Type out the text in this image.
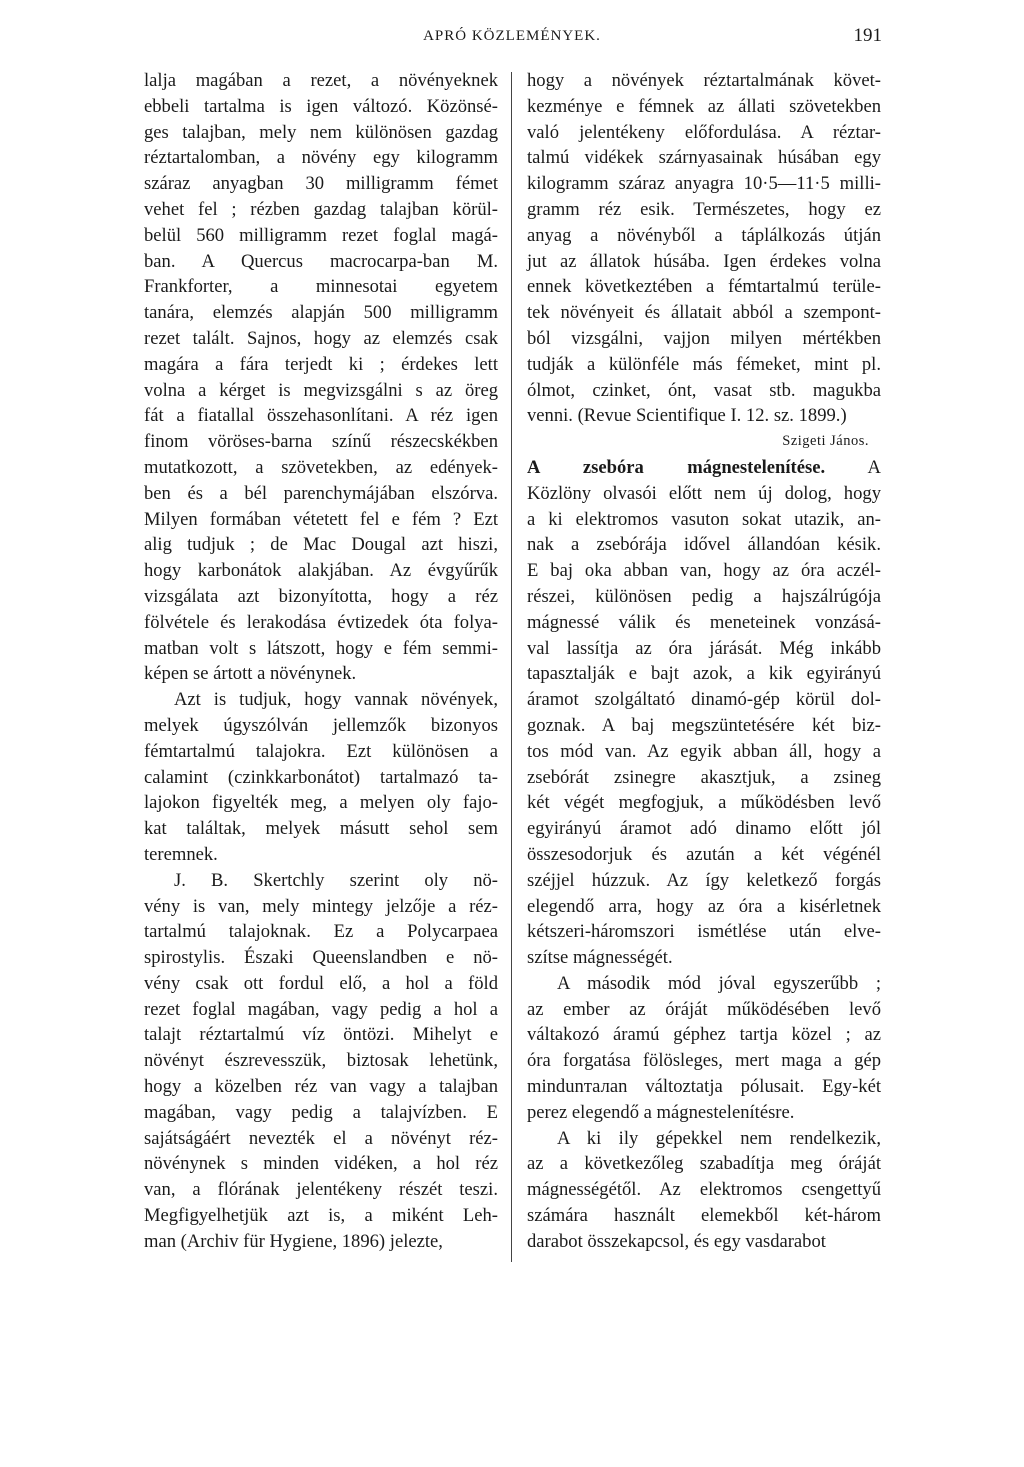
APRÓ KÖZLEMÉNYEK.	191
lalja magában a rezet, a növényeknek
ebbeli tartalma is igen változó. Közönsé-
ges talajban, mely nem különösen gazdag
réztartalomban, a növény egy kilogramm
száraz anyagban 30 milligramm fémet
vehet fel ; rézben gazdag talajban körül-
belül 560 milligramm rezet foglal magá-
ban. A Quercus macrocarpa-ban M.
Frankforter, a minnesotai egyetem
tanára, elemzés alapján 500 milligramm
rezet talált. Sajnos, hogy az elemzés csak
magára a fára terjedt ki ; érdekes lett
volna a kérget is megvizsgálni s az öreg
fát a fiatallal összehasonlítani. A réz igen
finom vöröses-barna színű részecskékben
mutatkozott, a szövetekben, az edények-
ben és a bél parenchymájában elszórva.
Milyen formában vétetett fel e fém ? Ezt
alig tudjuk ; de Mac Dougal azt hiszi,
hogy karbonátok alakjában. Az évgyűrűk
vizsgálata azt bizonyította, hogy a réz
fölvétele és lerakodása évtizedek óta folya-
matban volt s látszott, hogy e fém semmi-
képen se ártott a növénynek.
Azt is tudjuk, hogy vannak növények,
melyek úgyszólván jellemzők bizonyos
fémtartalmú talajokra. Ezt különösen a
calamint (czinkkarbonátot) tartalmazó ta-
lajokon figyelték meg, a melyen oly fajo-
kat találtak, melyek másutt sehol sem
teremnek.
J. B. Skertchly szerint oly nö-
vény is van, mely mintegy jelzője a réz-
tartalmú talajoknak. Ez a Polycarpaea
spirostylis. Északi Queenslandben e nö-
vény csak ott fordul elő, a hol a föld
rezet foglal magában, vagy pedig a hol a
talajt réztartalmú víz öntözi. Mihelyt e
növényt észrevesszük, biztosak lehetünk,
hogy a közelben réz van vagy a talajban
magában, vagy pedig a talajvízben. E
sajátságáért nevezték el a növényt réz-
növénynek s minden vidéken, a hol réz
van, a flórának jelentékeny részét teszi.
Megfigyelhetjük azt is, a miként Leh-
man (Archiv für Hygiene, 1896) jelezte,
hogy a növények réztartalmának követ-
kezménye e fémnek az állati szövetekben
való jelentékeny előfordulása. A réztar-
talmú vidékek szárnyasainak húsában egy
kilogramm száraz anyagra 10·5—11·5 milli-
gramm réz esik. Természetes, hogy ez
anyag a növényből a táplálkozás útján
jut az állatok húsába. Igen érdekes volna
ennek következtében a fémtartalmú terüle-
tek növényeit és állatait abból a szempont-
ból vizsgálni, vajjon milyen mértékben
tudják a különféle más fémeket, mint pl.
ólmot, czinket, ónt, vasat stb. magukba
venni. (Revue Scientifique I. 12. sz. 1899.)
Szigeti János.
A zsebóra mágnestelenítése. A
Közlöny olvasói előtt nem új dolog, hogy
a ki elektromos vasuton sokat utazik, an-
nak a zsebórája idővel állandóan késik.
E baj oka abban van, hogy az óra aczél-
részei, különösen pedig a hajszálrúgója
mágnessé válik és meneteinek vonzásá-
val lassítja az óra járását. Még inkább
tapasztalják e bajt azok, a kik egyirányú
áramot szolgáltató dinamó-gép körül dol-
goznak. A baj megszüntetésére két biz-
tos mód van. Az egyik abban áll, hogy a
zsebórát zsinegre akasztjuk, a zsineg
két végét megfogjuk, a működésben levő
egyirányú áramot adó dinamo előtt jól
összesodorjuk és azután a két végénél
széjjel húzzuk. Az így keletkező forgás
elegendő arra, hogy az óra a kisérletnek
kétszeri-háromszori ismétlése után elve-
szítse mágnességét.
A második mód jóval egyszerűbb ;
az ember az óráját működésében levő
váltakozó áramú géphez tartja közel ; az
óra forgatása fölösleges, mert maga a gép
mindunталan változtatja pólusait. Egy-két
perez elegendő a mágnestelenítésre.
A ki ily gépekkel nem rendelkezik,
az a következőleg szabadítja meg óráját
mágnességétől. Az elektromos csengettyű
számára használt elemekből két-három
darabot összekapcsol, és egy vasdarabot
